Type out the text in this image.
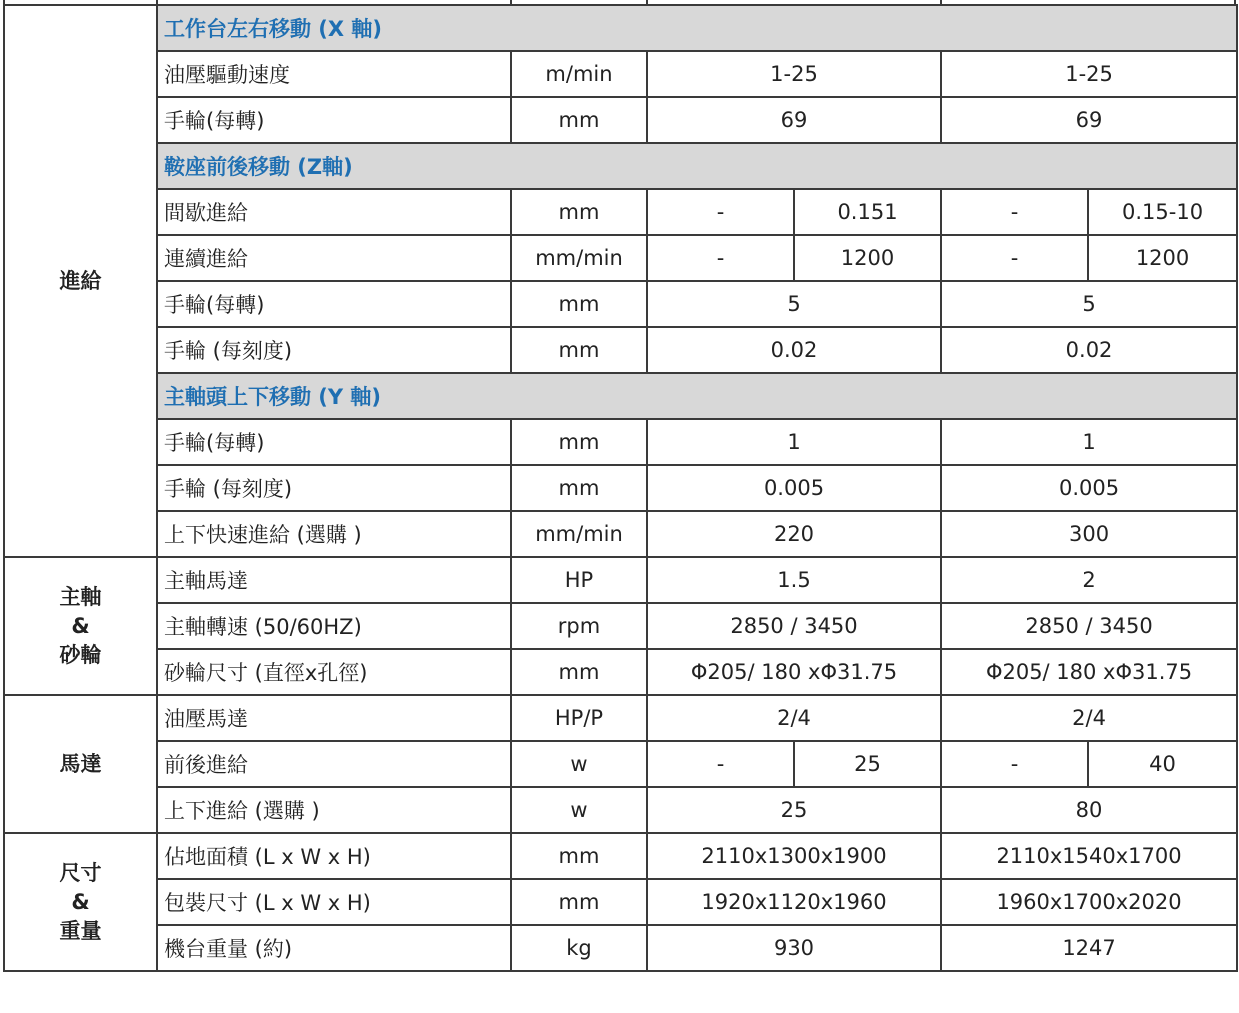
進給	工作台左右移動 (X 軸)					
	油壓驅動速度	m/min	1-25		1-25	
	手輪(每轉)	mm	69		69	
	鞍座前後移動 (Z軸)					
	間歇進給	mm	-	0.151	-	0.15-10
	連續進給	mm/min	-	1200	-	1200
	手輪(每轉)	mm	5		5	
	手輪 (每刻度)	mm	0.02		0.02	
	主軸頭上下移動 (Y 軸)					
	手輪(每轉)	mm	1		1	
	手輪 (每刻度)	mm	0.005		0.005	
	上下快速進給 (選購 )	mm/min	220		300	

主軸
&
砂輪	主軸馬達	HP	1.5		2	
	主軸轉速 (50/60HZ)	rpm	2850 / 3450		2850 / 3450	
	砂輪尺寸 (直徑x孔徑)	mm	Φ205/ 180 xΦ31.75		Φ205/ 180 xΦ31.75	
馬達	油壓馬達	HP/P	2/4		2/4	
	前後進給	w	-	25	-	40
	上下進給 (選購 )	w	25		80	

尺寸
&
重量	佔地面積 (L x W x H)	mm	2110x1300x1900		2110x1540x1700	
	包裝尺寸 (L x W x H)	mm	1920x1120x1960		1960x1700x2020	
	機台重量 (約)	kg	930		1247	
